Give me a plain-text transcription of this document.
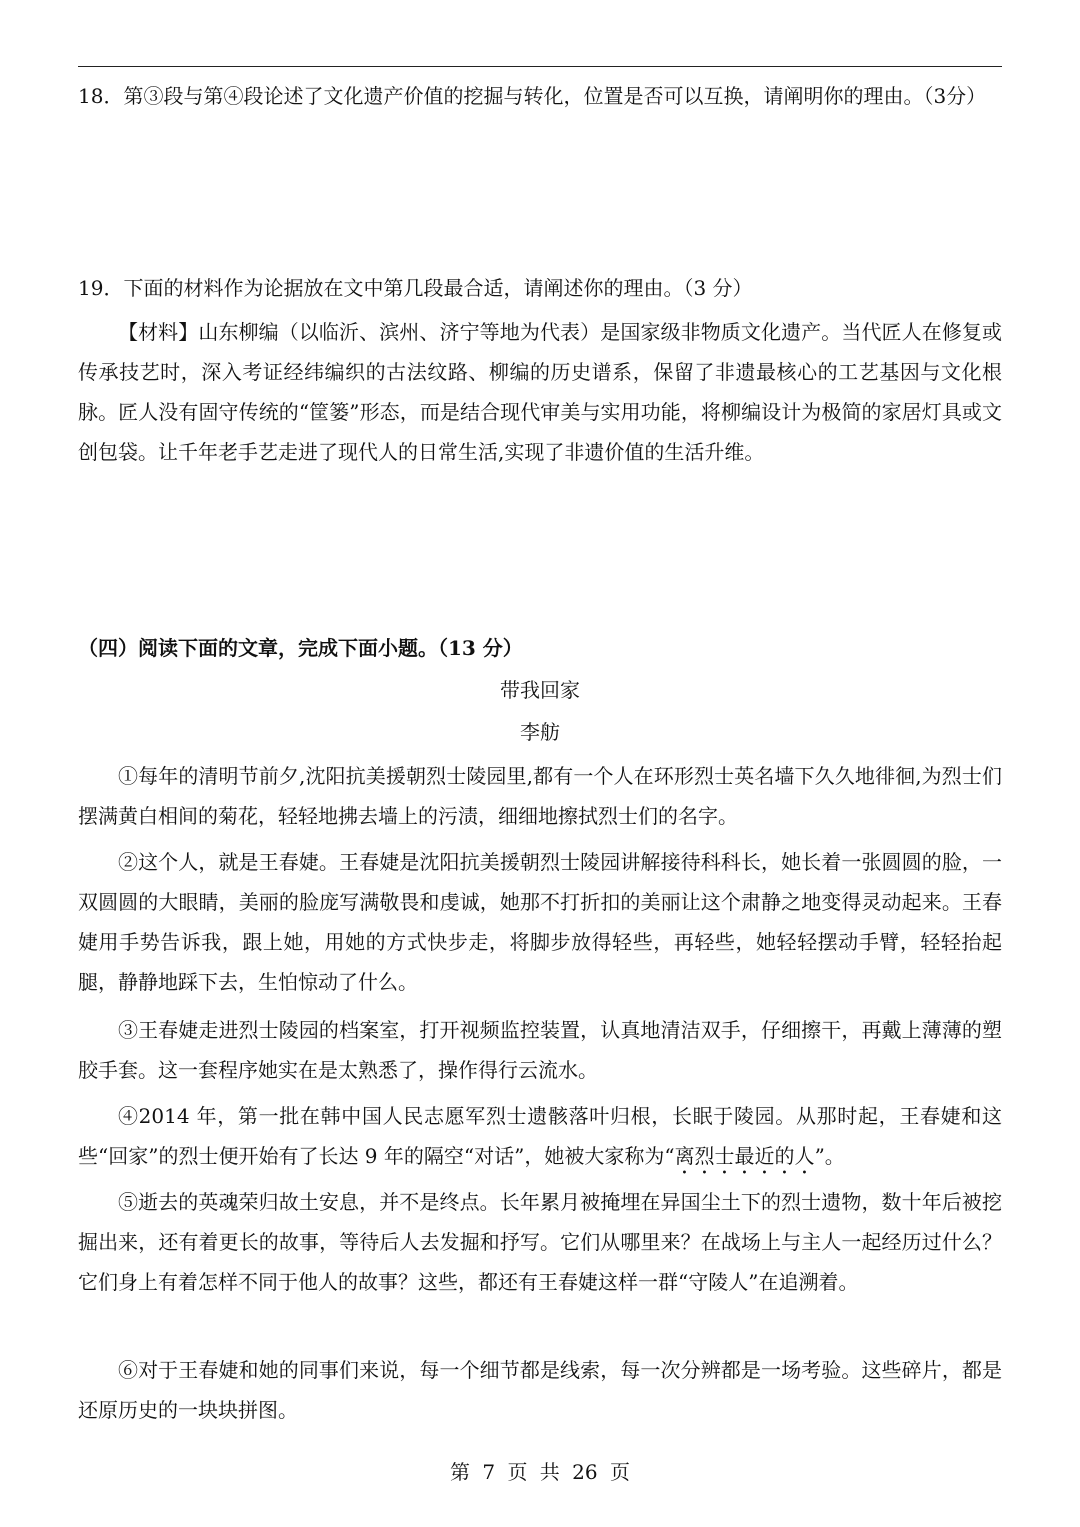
18．第③段与第④段论述了文化遗产价值的挖掘与转化，位置是否可以互换，请阐明你的理由。（3分）
19．下面的材料作为论据放在文中第几段最合适，请阐述你的理由。（3 分）
【材料】山东柳编（以临沂、滨州、济宁等地为代表）是国家级非物质文化遗产。当代匠人在修复或传承技艺时，深入考证经纬编织的古法纹路、柳编的历史谱系，保留了非遗最核心的工艺基因与文化根脉。匠人没有固守传统的“筐篓”形态，而是结合现代审美与实用功能，将柳编设计为极简的家居灯具或文创包袋。让千年老手艺走进了现代人的日常生活,实现了非遗价值的生活升维。
（四）阅读下面的文章，完成下面小题。（13 分）
带我回家
李舫
①每年的清明节前夕,沈阳抗美援朝烈士陵园里,都有一个人在环形烈士英名墙下久久地徘徊,为烈士们摆满黄白相间的菊花，轻轻地拂去墙上的污渍，细细地擦拭烈士们的名字。
②这个人，就是王春婕。王春婕是沈阳抗美援朝烈士陵园讲解接待科科长，她长着一张圆圆的脸，一双圆圆的大眼睛，美丽的脸庞写满敬畏和虔诚，她那不打折扣的美丽让这个肃静之地变得灵动起来。王春婕用手势告诉我，跟上她，用她的方式快步走，将脚步放得轻些，再轻些，她轻轻摆动手臂，轻轻抬起腿，静静地踩下去，生怕惊动了什么。
③王春婕走进烈士陵园的档案室，打开视频监控装置，认真地清洁双手，仔细擦干，再戴上薄薄的塑胶手套。这一套程序她实在是太熟悉了，操作得行云流水。
④2014 年，第一批在韩中国人民志愿军烈士遗骸落叶归根，长眠于陵园。从那时起，王春婕和这些“回家”的烈士便开始有了长达 9 年的隔空“对话”，她被大家称为“离烈士最近的人”。
⑤逝去的英魂荣归故土安息，并不是终点。长年累月被掩埋在异国尘土下的烈士遗物，数十年后被挖掘出来，还有着更长的故事，等待后人去发掘和抒写。它们从哪里来？在战场上与主人一起经历过什么？它们身上有着怎样不同于他人的故事？这些，都还有王春婕这样一群“守陵人”在追溯着。
⑥对于王春婕和她的同事们来说，每一个细节都是线索，每一次分辨都是一场考验。这些碎片，都是还原历史的一块块拼图。
第 7 页 共 26 页
